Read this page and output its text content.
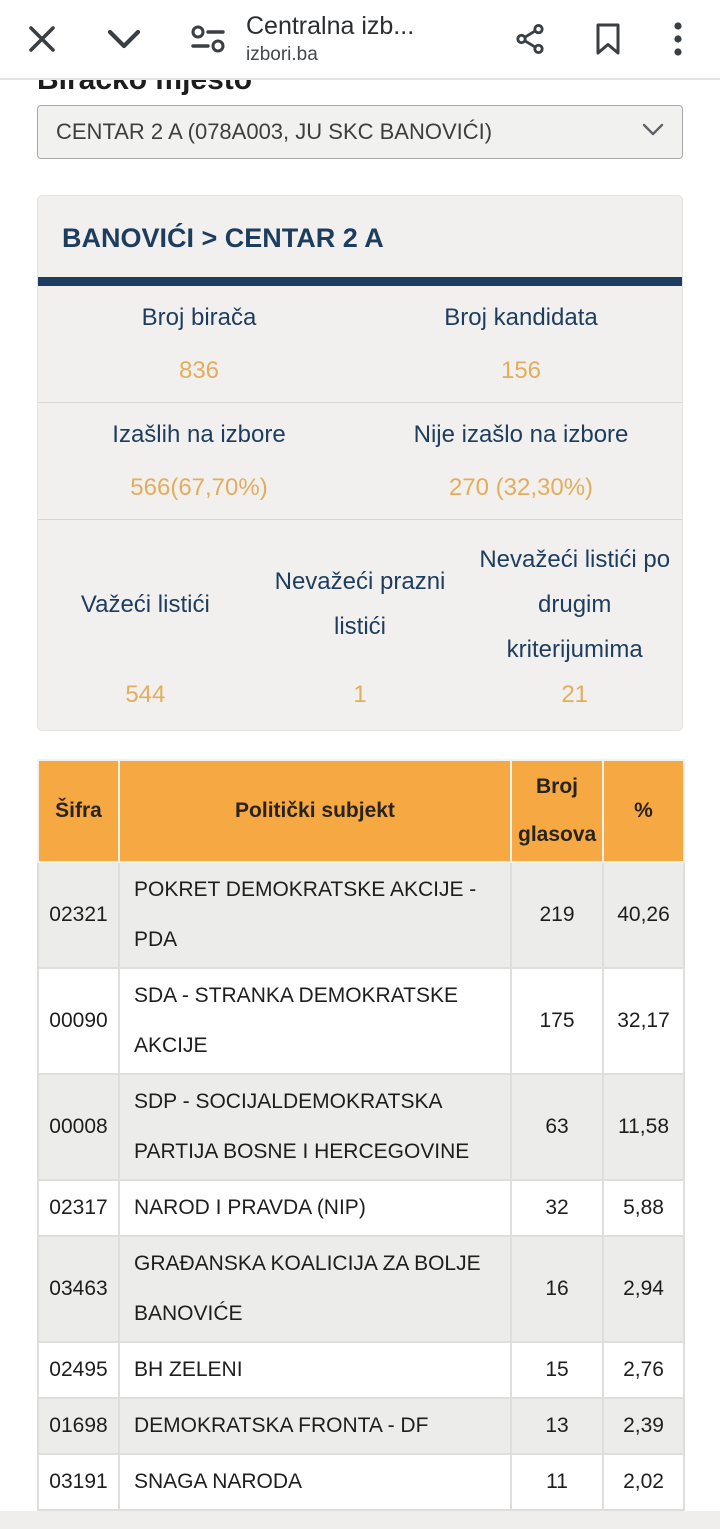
Centralna izb...
izbori.ba
CENTAR 2 A (078A003, JU SKC BANOVIĆI)
BANOVIĆI > CENTAR 2 A
Broj birača
836
Broj kandidata
156
Izašlih na izbore
566(67,70%)
Nije izašlo na izbore
270 (32,30%)
Važeći listići
544
Nevažeći prazni listići
1
Nevažeći listići po drugim kriterijumima
21
Šifra	Politički subjekt	Broj glasova	%
02321	POKRET DEMOKRATSKE AKCIJE - PDA	219	40,26
00090	SDA - STRANKA DEMOKRATSKE AKCIJE	175	32,17
00008	SDP - SOCIJALDEMOKRATSKA PARTIJA BOSNE I HERCEGOVINE	63	11,58
02317	NAROD I PRAVDA (NIP)	32	5,88
03463	GRAĐANSKA KOALICIJA ZA BOLJE BANOVIĆE	16	2,94
02495	BH ZELENI	15	2,76
01698	DEMOKRATSKA FRONTA - DF	13	2,39
03191	SNAGA NARODA	11	2,02
